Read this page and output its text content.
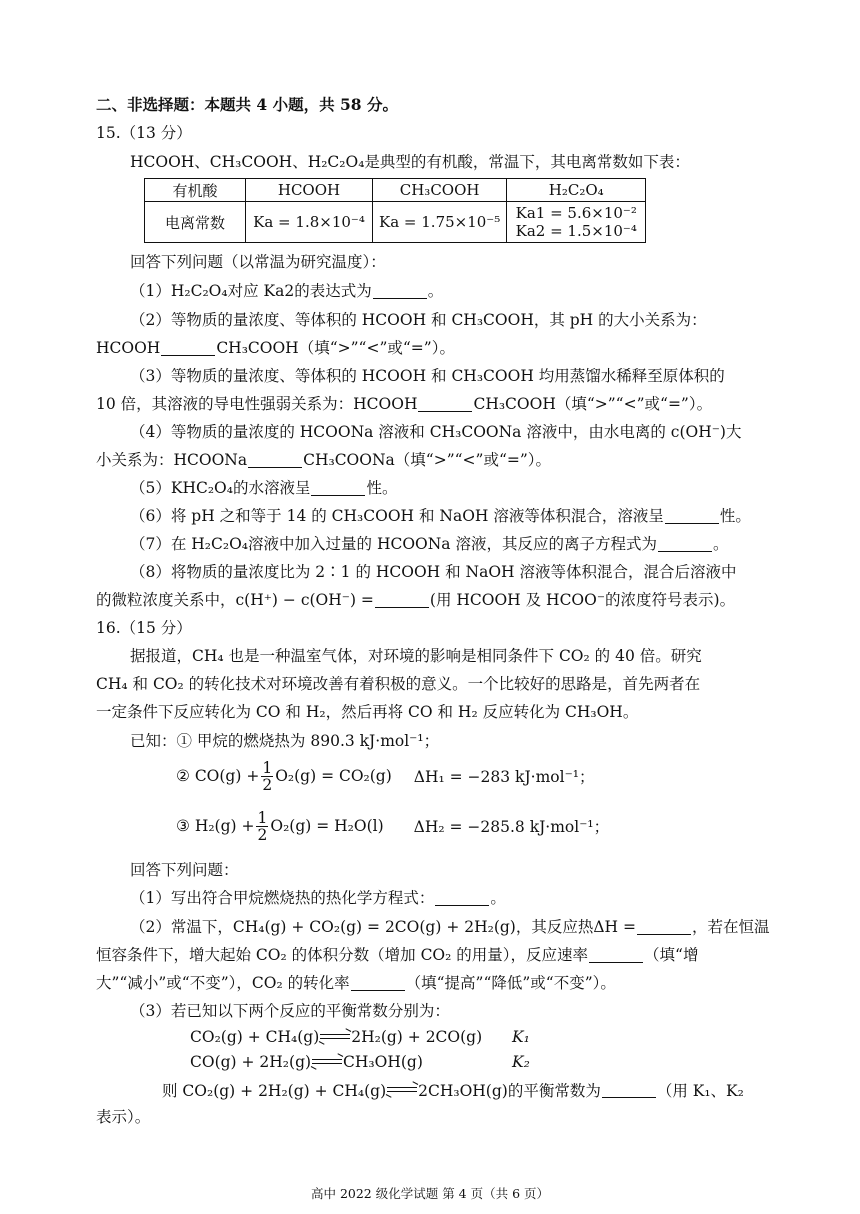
二、非选择题：本题共 4 小题，共 58 分。
15.（13 分）
HCOOH、CH₃COOH、H₂C₂O₄是典型的有机酸，常温下，其电离常数如下表：
有机酸	HCOOH	CH₃COOH	H₂C₂O₄
电离常数	Ka = 1.8×10⁻⁴	Ka = 1.75×10⁻⁵	Ka1 = 5.6×10⁻²
Ka2 = 1.5×10⁻⁴
回答下列问题（以常温为研究温度）：
（1）H₂C₂O₄对应 Ka2的表达式为	。
（2）等物质的量浓度、等体积的 HCOOH 和 CH₃COOH，其 pH 的大小关系为：
HCOOH	CH₃COOH（填“>”“<”或“=”）。
（3）等物质的量浓度、等体积的 HCOOH 和 CH₃COOH 均用蒸馏水稀释至原体积的
10 倍，其溶液的导电性强弱关系为：HCOOH	CH₃COOH（填“>”“<”或“=”）。
（4）等物质的量浓度的 HCOONa 溶液和 CH₃COONa 溶液中，由水电离的 c(OH⁻)大
小关系为：HCOONa	CH₃COONa（填“>”“<”或“=”）。
（5）KHC₂O₄的水溶液呈	性。
（6）将 pH 之和等于 14 的 CH₃COOH 和 NaOH 溶液等体积混合，溶液呈	性。
（7）在 H₂C₂O₄溶液中加入过量的 HCOONa 溶液，其反应的离子方程式为	。
（8）将物质的量浓度比为 2∶1 的 HCOOH 和 NaOH 溶液等体积混合，混合后溶液中
的微粒浓度关系中，c(H⁺) − c(OH⁻) =	(用 HCOOH 及 HCOO⁻的浓度符号表示)。
16.（15 分）
据报道，CH₄ 也是一种温室气体，对环境的影响是相同条件下 CO₂ 的 40 倍。研究
CH₄ 和 CO₂ 的转化技术对环境改善有着积极的意义。一个比较好的思路是，首先两者在
一定条件下反应转化为 CO 和 H₂，然后再将 CO 和 H₂ 反应转化为 CH₃OH。
已知：① 甲烷的燃烧热为 890.3 kJ·mol⁻¹；
② $CO(g) + \frac{1}{2} O_2(g) = CO_2(g) \Delta H_1 = -283$ kJ·mol⁻¹；
③ $H_2(g) + \frac{1}{2} O_2(g) = H_2O(l) \Delta H_2 = -285.8$ kJ·mol⁻¹；
回答下列问题：
（1）写出符合甲烷燃烧热的热化学方程式：	。
（2）常温下，CH₄(g) + CO₂(g) = 2CO(g) + 2H₂(g)，其反应热ΔH =	，若在恒温
恒容条件下，增大起始 CO₂ 的体积分数（增加 CO₂ 的用量），反应速率	（填“增
大”“减小”或“不变”），CO₂ 的转化率	（填“提高”“降低”或“不变”）。
（3）若已知以下两个反应的平衡常数分别为：
CO₂(g) + CH₄(g) 2H₂(g) + 2CO(g) K₁
CO(g) + 2H₂(g) CH₃OH(g)	K₂
则 CO₂(g) + 2H₂(g) + CH₄(g) 2CH₃OH(g)的平衡常数为	（用 K₁、K₂
表示）。
高中 2022 级化学试题 第 4 页（共 6 页）
